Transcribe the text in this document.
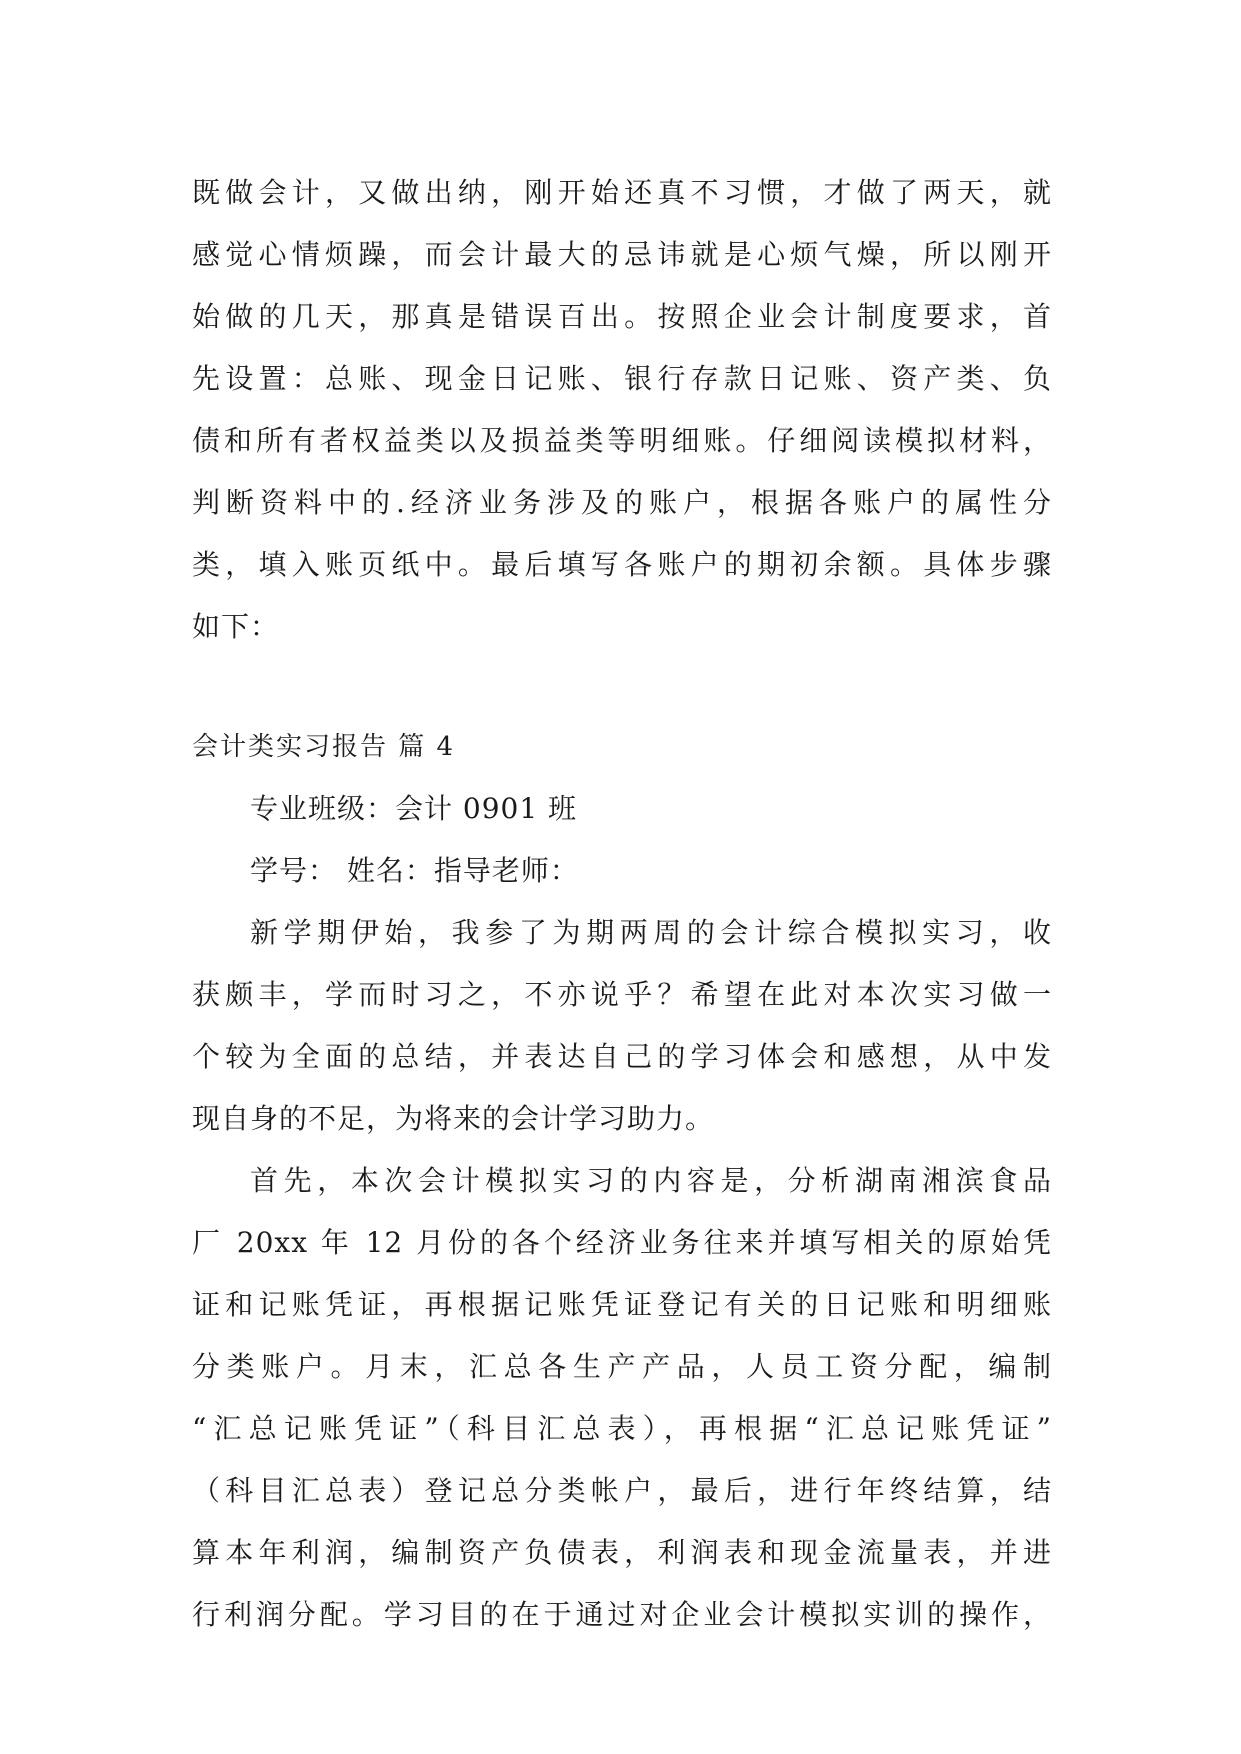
既做会计，又做出纳，刚开始还真不习惯，才做了两天，就
感觉心情烦躁，而会计最大的忌讳就是心烦气燥，所以刚开
始做的几天，那真是错误百出。按照企业会计制度要求，首
先设置：总账、现金日记账、银行存款日记账、资产类、负
债和所有者权益类以及损益类等明细账。仔细阅读模拟材料，
判断资料中的.经济业务涉及的账户，根据各账户的属性分
类，填入账页纸中。最后填写各账户的期初余额。具体步骤
如下：
会计类实习报告 篇 4
专业班级：会计 0901 班
学号： 姓名：指导老师：
新学期伊始，我参了为期两周的会计综合模拟实习，收
获颇丰，学而时习之，不亦说乎？希望在此对本次实习做一
个较为全面的总结，并表达自己的学习体会和感想，从中发
现自身的不足，为将来的会计学习助力。
首先，本次会计模拟实习的内容是，分析湖南湘滨食品
厂 20xx 年 12 月份的各个经济业务往来并填写相关的原始凭
证和记账凭证，再根据记账凭证登记有关的日记账和明细账
分类账户。月末，汇总各生产产品，人员工资分配，编制
“汇总记账凭证”（科目汇总表），再根据“汇总记账凭证”
（科目汇总表）登记总分类帐户，最后，进行年终结算，结
算本年利润，编制资产负债表，利润表和现金流量表，并进
行利润分配。学习目的在于通过对企业会计模拟实训的操作，
